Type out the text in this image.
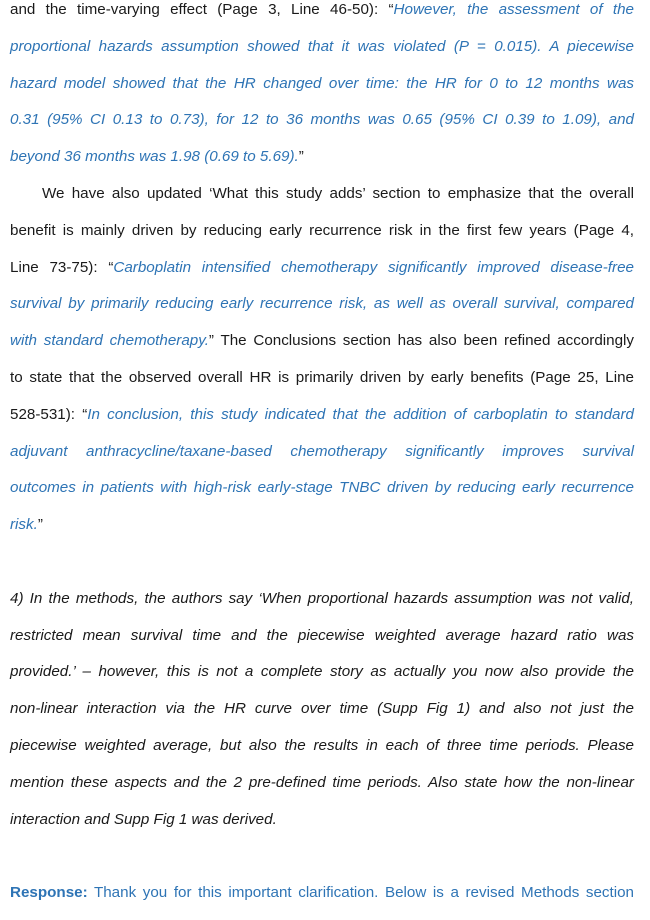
and the time-varying effect (Page 3, Line 46-50): “However, the assessment of the
proportional hazards assumption showed that it was violated (P = 0.015). A piecewise
hazard model showed that the HR changed over time: the HR for 0 to 12 months was
0.31 (95% CI 0.13 to 0.73), for 12 to 36 months was 0.65 (95% CI 0.39 to 1.09), and
beyond 36 months was 1.98 (0.69 to 5.69).”
We have also updated ‘What this study adds’ section to emphasize that the overall
benefit is mainly driven by reducing early recurrence risk in the first few years (Page 4,
Line 73-75): “Carboplatin intensified chemotherapy significantly improved disease-free
survival by primarily reducing early recurrence risk, as well as overall survival, compared
with standard chemotherapy.” The Conclusions section has also been refined accordingly
to state that the observed overall HR is primarily driven by early benefits (Page 25, Line
528-531): “In conclusion, this study indicated that the addition of carboplatin to standard
adjuvant anthracycline/taxane-based chemotherapy significantly improves survival
outcomes in patients with high-risk early-stage TNBC driven by reducing early recurrence
risk.”
4) In the methods, the authors say ‘When proportional hazards assumption was not valid,
restricted mean survival time and the piecewise weighted average hazard ratio was
provided.’ – however, this is not a complete story as actually you now also provide the
non-linear interaction via the HR curve over time (Supp Fig 1) and also not just the
piecewise weighted average, but also the results in each of three time periods. Please
mention these aspects and the 2 pre-defined time periods. Also state how the non-linear
interaction and Supp Fig 1 was derived.
Response: Thank you for this important clarification. Below is a revised Methods section
